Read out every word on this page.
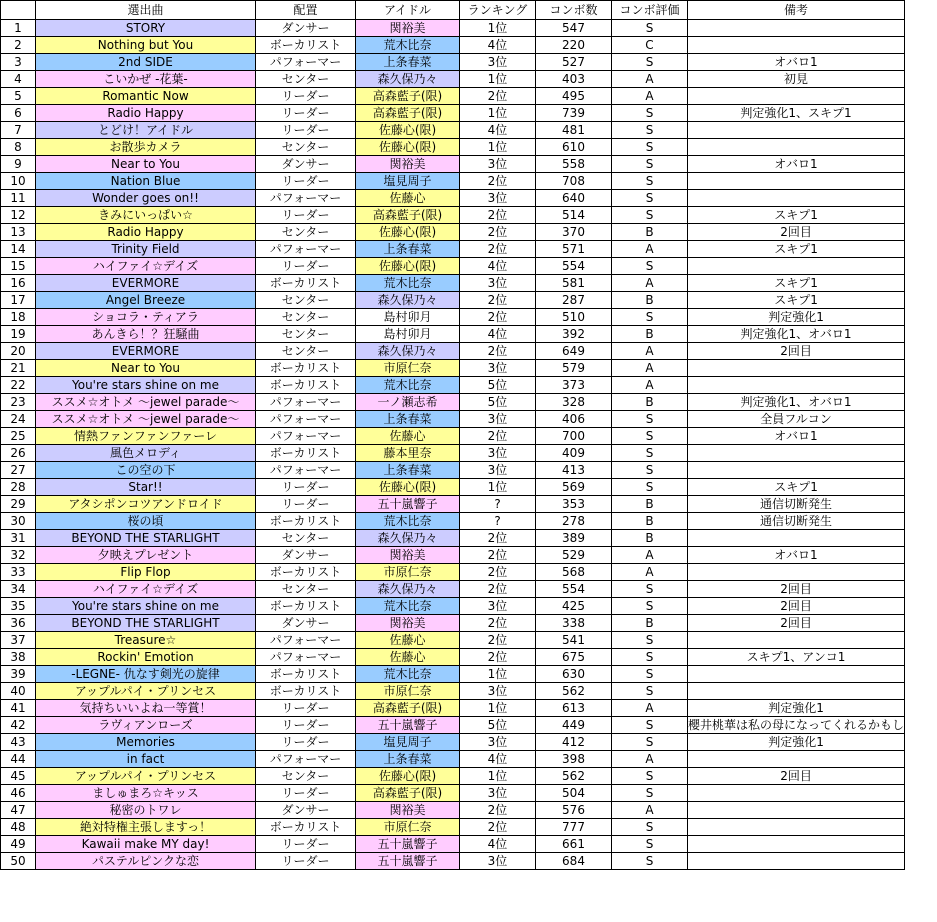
	選出曲	配置	アイドル	ランキング	コンボ数	コンボ評価	備考
1	STORY	ダンサー	関裕美	1位	547	S	
2	Nothing but You	ボーカリスト	荒木比奈	4位	220	C	
3	2nd SIDE	パフォーマー	上条春菜	3位	527	S	オバロ1
4	こいかぜ -花葉-	センター	森久保乃々	1位	403	A	初見
5	Romantic Now	リーダー	高森藍子(限)	2位	495	A	
6	Radio Happy	リーダー	高森藍子(限)	1位	739	S	判定強化1、スキプ1
7	とどけ！アイドル	リーダー	佐藤心(限)	4位	481	S	
8	お散歩カメラ	センター	佐藤心(限)	1位	610	S	
9	Near to You	ダンサー	関裕美	3位	558	S	オバロ1
10	Nation Blue	リーダー	塩見周子	2位	708	S	
11	Wonder goes on!!	パフォーマー	佐藤心	3位	640	S	
12	きみにいっぱい☆	リーダー	高森藍子(限)	2位	514	S	スキプ1
13	Radio Happy	センター	佐藤心(限)	2位	370	B	2回目
14	Trinity Field	パフォーマー	上条春菜	2位	571	A	スキプ1
15	ハイファイ☆デイズ	リーダー	佐藤心(限)	4位	554	S	
16	EVERMORE	ボーカリスト	荒木比奈	3位	581	A	スキプ1
17	Angel Breeze	センター	森久保乃々	2位	287	B	スキプ1
18	ショコラ・ティアラ	センター	島村卯月	2位	510	S	判定強化1
19	あんきら！？狂騒曲	センター	島村卯月	4位	392	B	判定強化1、オバロ1
20	EVERMORE	センター	森久保乃々	2位	649	A	2回目
21	Near to You	ボーカリスト	市原仁奈	3位	579	A	
22	You're stars shine on me	ボーカリスト	荒木比奈	5位	373	A	
23	ススメ☆オトメ ～jewel parade～	パフォーマー	一ノ瀬志希	5位	328	B	判定強化1、オバロ1
24	ススメ☆オトメ ～jewel parade～	パフォーマー	上条春菜	3位	406	S	全員フルコン
25	情熱ファンファンファーレ	パフォーマー	佐藤心	2位	700	S	オバロ1
26	風色メロディ	ボーカリスト	藤本里奈	3位	409	S	
27	この空の下	パフォーマー	上条春菜	3位	413	S	
28	Star!!	リーダー	佐藤心(限)	1位	569	S	スキプ1
29	アタシポンコツアンドロイド	リーダー	五十嵐響子	?	353	B	通信切断発生
30	桜の頃	ボーカリスト	荒木比奈	?	278	B	通信切断発生
31	BEYOND THE STARLIGHT	センター	森久保乃々	2位	389	B	
32	夕映えプレゼント	ダンサー	関裕美	2位	529	A	オバロ1
33	Flip Flop	ボーカリスト	市原仁奈	2位	568	A	
34	ハイファイ☆デイズ	センター	森久保乃々	2位	554	S	2回目
35	You're stars shine on me	ボーカリスト	荒木比奈	3位	425	S	2回目
36	BEYOND THE STARLIGHT	ダンサー	関裕美	2位	338	B	2回目
37	Treasure☆	パフォーマー	佐藤心	2位	541	S	
38	Rockin' Emotion	パフォーマー	佐藤心	2位	675	S	スキプ1、アンコ1
39	-LEGNE- 仇なす剣光の旋律	ボーカリスト	荒木比奈	1位	630	S	
40	アップルパイ・プリンセス	ボーカリスト	市原仁奈	3位	562	S	
41	気持ちいいよね一等賞！	リーダー	高森藍子(限)	1位	613	A	判定強化1
42	ラヴィアンローズ	リーダー	五十嵐響子	5位	449	S	櫻井桃華は私の母になってくれるかもし
43	Memories	リーダー	塩見周子	3位	412	S	判定強化1
44	in fact	パフォーマー	上条春菜	4位	398	A	
45	アップルパイ・プリンセス	センター	佐藤心(限)	1位	562	S	2回目
46	ましゅまろ☆キッス	リーダー	高森藍子(限)	3位	504	S	
47	秘密のトワレ	ダンサー	関裕美	2位	576	A	
48	絶対特権主張しますっ！	ボーカリスト	市原仁奈	2位	777	S	
49	Kawaii make MY day!	リーダー	五十嵐響子	4位	661	S	
50	パステルピンクな恋	リーダー	五十嵐響子	3位	684	S	
